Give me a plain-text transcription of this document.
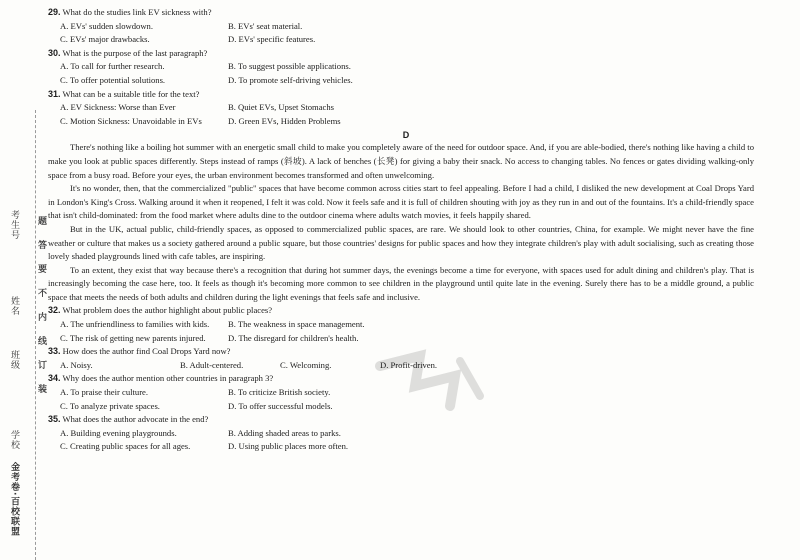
考生号
姓名
班级
学校
金考卷·百校联盟
题
答
要
不
内
线
订
装

29. What do the studies link EV sickness with?

A. EVs' sudden slowdown.	B. EVs' seat material.
C. EVs' major drawbacks.	D. EVs' specific features.

30. What is the purpose of the last paragraph?

A. To call for further research.	B. To suggest possible applications.
C. To offer potential solutions.	D. To promote self-driving vehicles.

31. What can be a suitable title for the text?

A. EV Sickness: Worse than Ever	B. Quiet EVs, Upset Stomachs
C. Motion Sickness: Unavoidable in EVs	D. Green EVs, Hidden Problems
D

There's nothing like a boiling hot summer with an energetic small child to make you completely aware of the need for outdoor space. And, if you are able-bodied, there's nothing like having a child to make you look at public spaces differently. Steps instead of ramps (斜坡). A lack of benches (长凳) for giving a baby their snack. No access to changing tables. No fences or gates dividing walking-only space from a busy road. Before your eyes, the urban environment becomes transformed and often unwelcoming.

It's no wonder, then, that the commercialized "public" spaces that have become common across cities start to feel appealing. Before I had a child, I disliked the new development at Coal Drops Yard in London's King's Cross. Walking around it when it reopened, I felt it was cold. Now it feels safe and it is full of children shouting with joy as they run in and out of the fountains. It's a child-friendly space that isn't child-dominated: from the food market where adults dine to the outdoor cinema where adults watch movies, it feels happily shared.

But in the UK, actual public, child-friendly spaces, as opposed to commercialized public spaces, are rare. We should look to other countries, China, for example. We might never have the fine weather or culture that makes us a society gathered around a public square, but those countries' designs for public spaces and how they integrate children's play with adult socialising, such as creating those lovely shaded playgrounds lined with cafe tables, are inspiring.

To an extent, they exist that way because there's a recognition that during hot summer days, the evenings become a time for everyone, with spaces used for adult dining and children's play. That is increasingly becoming the case here, too. It feels as though it's becoming more common to see children in the playground until quite late in the evening. Surely there has to be a middle ground, a public space that meets the needs of both adults and children during the light evenings that feels safe and inclusive.

32. What problem does the author highlight about public places?

A. The unfriendliness to families with kids.	B. The weakness in space management.
C. The risk of getting new parents injured.	D. The disregard for children's health.

33. How does the author find Coal Drops Yard now?

A. Noisy.	B. Adult-centered.	C. Welcoming.	D. Profit-driven.

34. Why does the author mention other countries in paragraph 3?

A. To praise their culture.	B. To criticize British society.
C. To analyze private spaces.	D. To offer successful models.

35. What does the author advocate in the end?

A. Building evening playgrounds.	B. Adding shaded areas to parks.
C. Creating public spaces for all ages.	D. Using public places more often.
